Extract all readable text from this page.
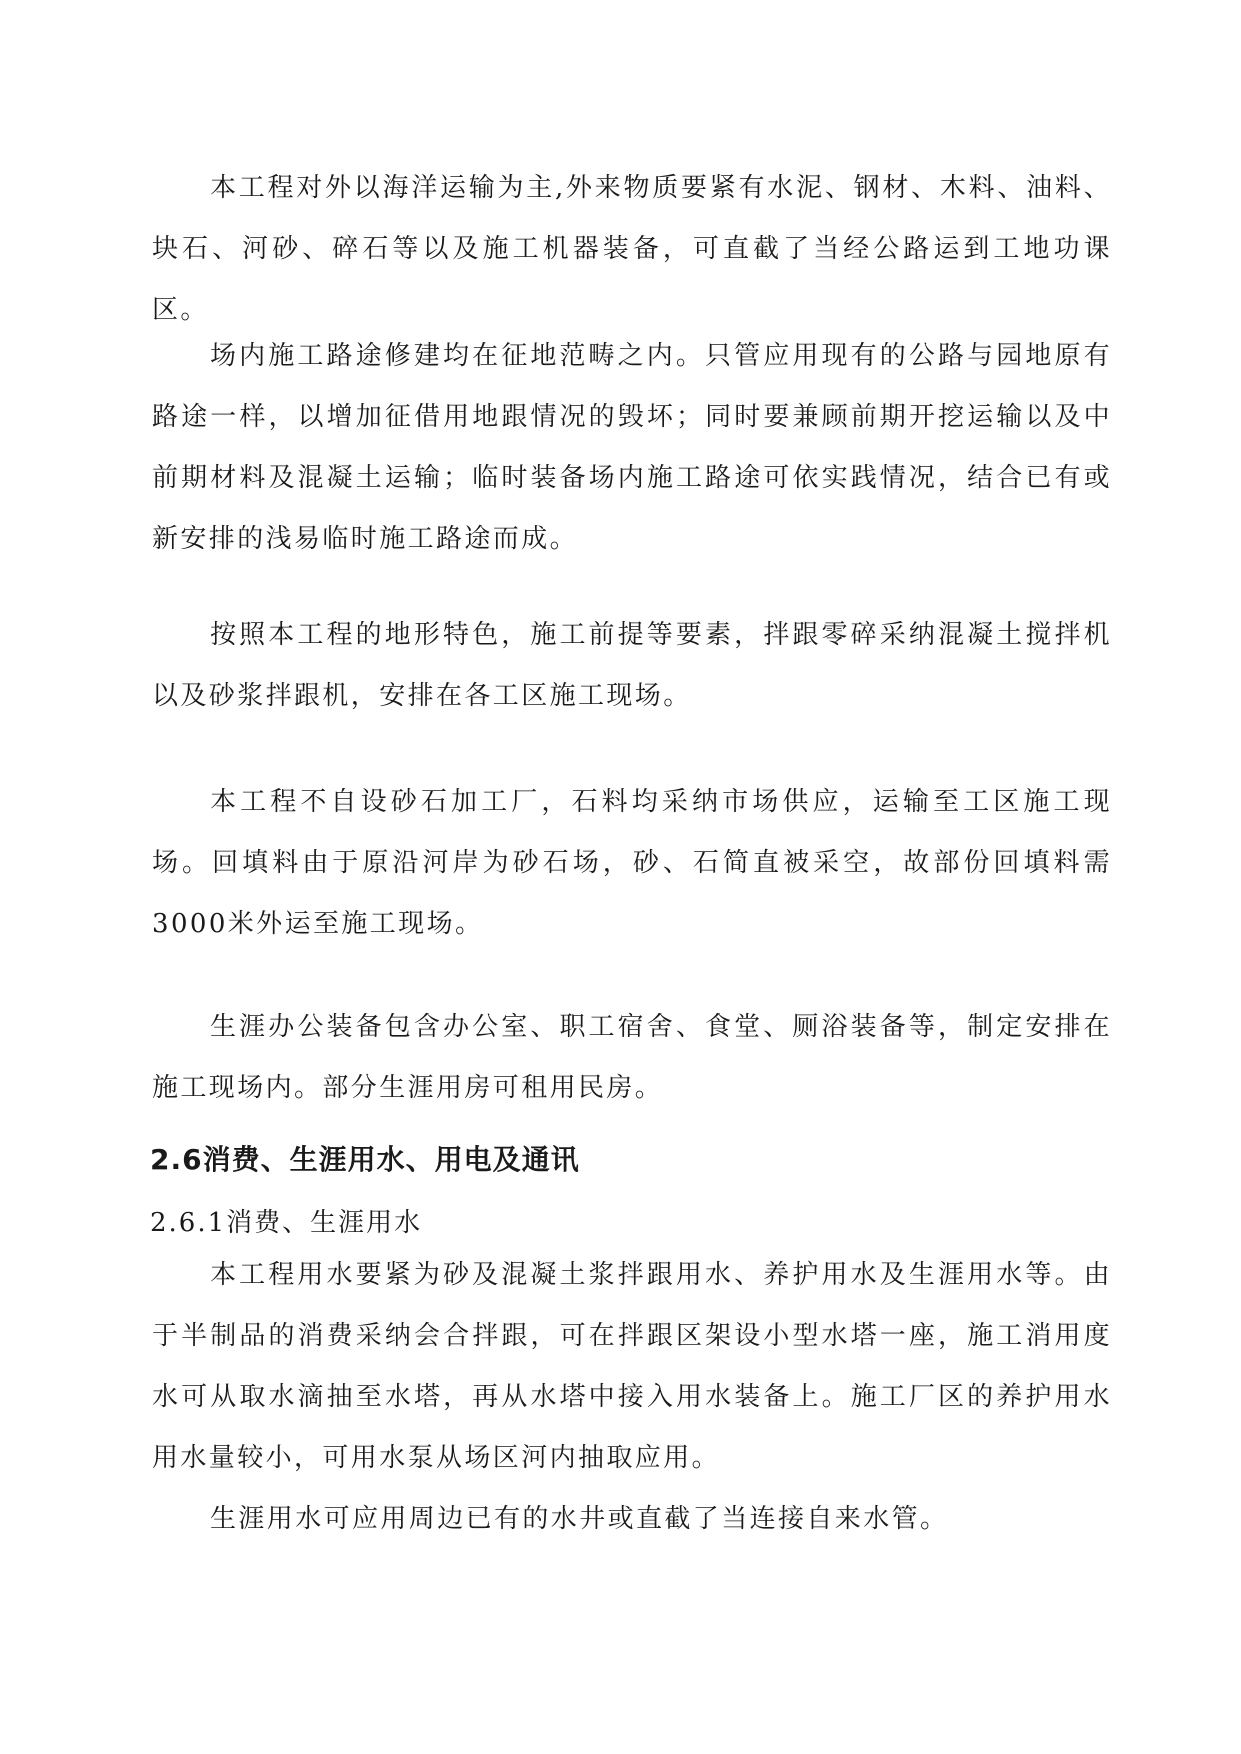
本工程对外以海洋运输为主,外来物质要紧有水泥、钢材、木料、油料、块石、河砂、碎石等以及施工机器装备，可直截了当经公路运到工地功课区。

场内施工路途修建均在征地范畴之内。只管应用现有的公路与园地原有路途一样，以增加征借用地跟情况的毁坏；同时要兼顾前期开挖运输以及中前期材料及混凝土运输；临时装备场内施工路途可依实践情况，结合已有或新安排的浅易临时施工路途而成。

按照本工程的地形特色，施工前提等要素，拌跟零碎采纳混凝土搅拌机以及砂浆拌跟机，安排在各工区施工现场。

本工程不自设砂石加工厂，石料均采纳市场供应，运输至工区施工现场。回填料由于原沿河岸为砂石场，砂、石简直被采空，故部份回填料需3000米外运至施工现场。

生涯办公装备包含办公室、职工宿舍、食堂、厕浴装备等，制定安排在施工现场内。部分生涯用房可租用民房。

2.6消费、生涯用水、用电及通讯
2.6.1消费、生涯用水

本工程用水要紧为砂及混凝土浆拌跟用水、养护用水及生涯用水等。由于半制品的消费采纳会合拌跟，可在拌跟区架设小型水塔一座，施工消用度水可从取水滴抽至水塔，再从水塔中接入用水装备上。施工厂区的养护用水用水量较小，可用水泵从场区河内抽取应用。

生涯用水可应用周边已有的水井或直截了当连接自来水管。
